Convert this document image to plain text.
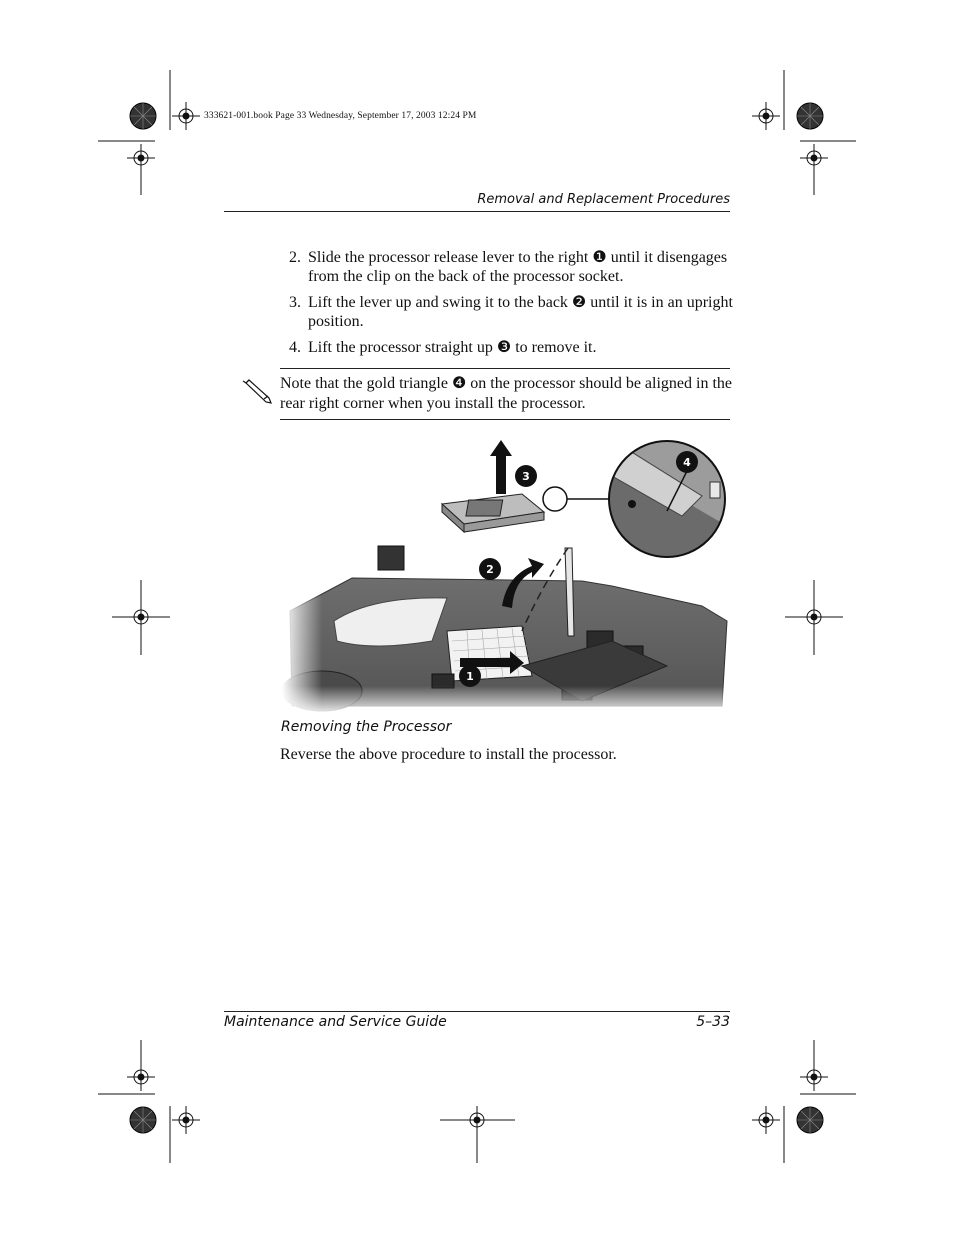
333621-001.book Page 33 Wednesday, September 17, 2003 12:24 PM
Removal and Replacement Procedures
2. Slide the processor release lever to the right ❶ until it disengages from the clip on the back of the processor socket.
3. Lift the lever up and swing it to the back ❷ until it is in an upright position.
4. Lift the processor straight up ❸ to remove it.
Note that the gold triangle ❹ on the processor should be aligned in the rear right corner when you install the processor.
1
2
3
4
Removing the Processor
Reverse the above procedure to install the processor.
Maintenance and Service Guide	5–33
